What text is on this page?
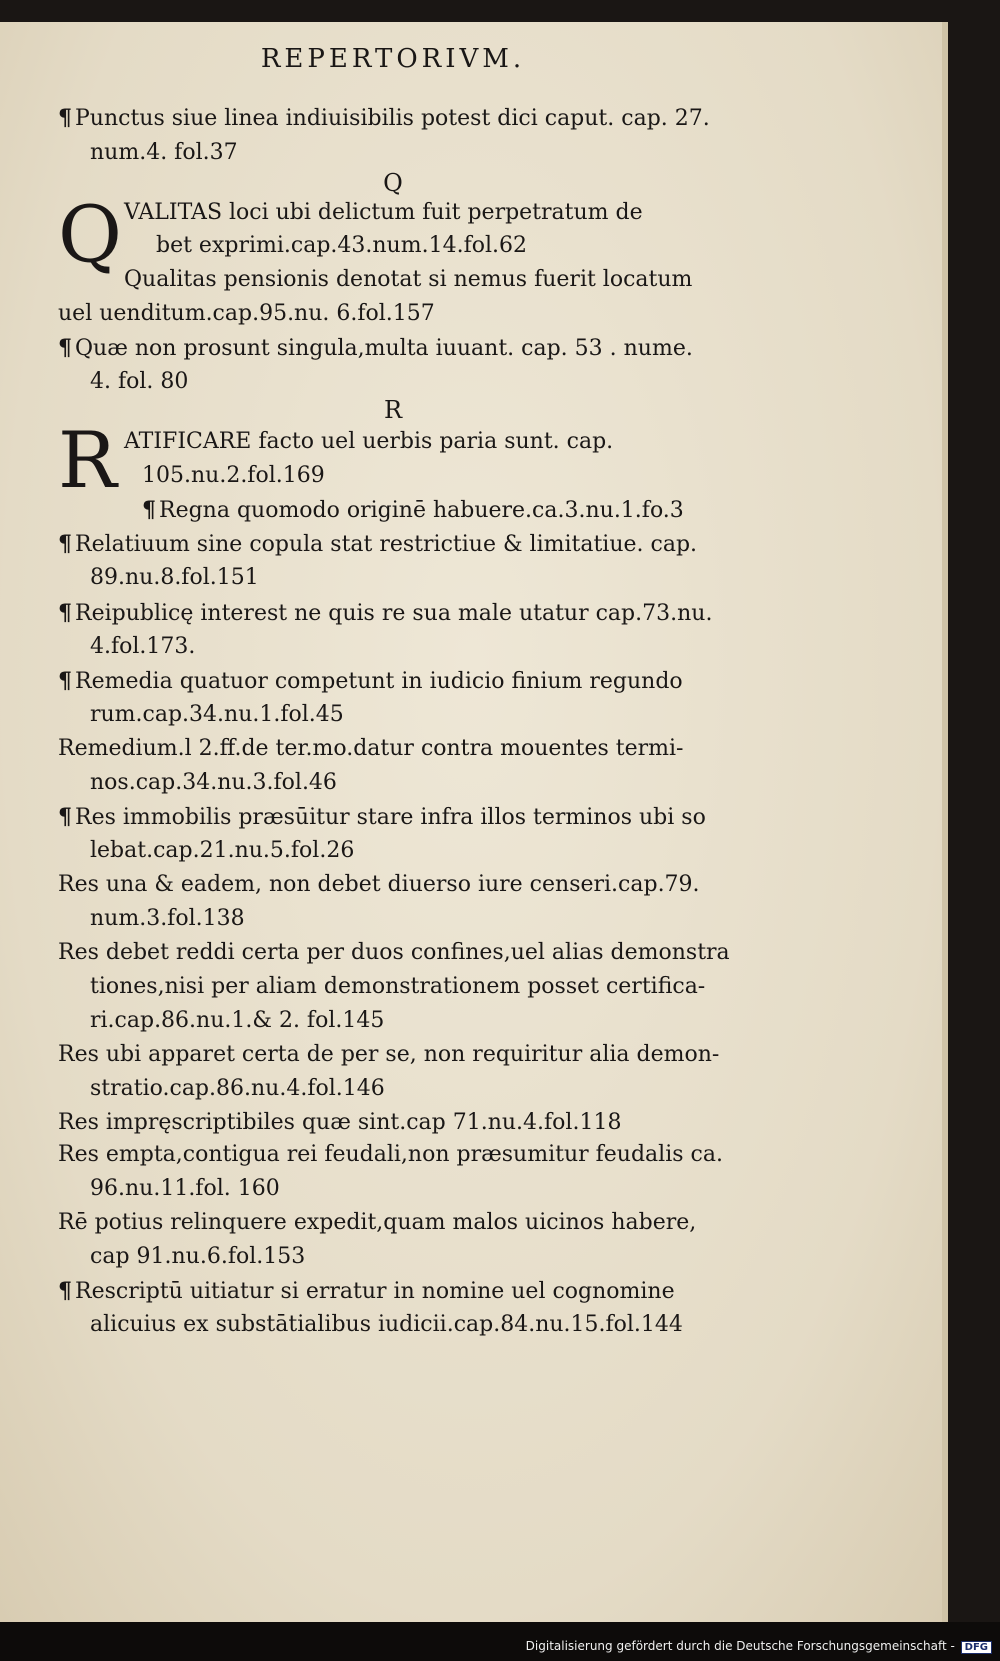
REPERTORIVM.
¶ Punctus siue linea indiuisibilis potest dici caput. cap. 27.
num.4. fol.37
Q
Q VALITAS loci ubi delictum fuit perpetratum de
bet exprimi.cap.43.num.14.fol.62
Qualitas pensionis denotat si nemus fuerit locatum
uel uenditum.cap.95.nu. 6.fol.157
¶ Quæ non prosunt singula,multa iuuant. cap. 53 . nume.
4. fol. 80
R
R ATIFICARE facto uel uerbis paria sunt. cap.
105.nu.2.fol.169
¶ Regna quomodo originē habuere.ca.3.nu.1.fo.3
¶ Relatiuum sine copula stat restrictiue & limitatiue. cap.
89.nu.8.fol.151
¶ Reipublicę interest ne quis re sua male utatur cap.73.nu.
4.fol.173.
¶ Remedia quatuor competunt in iudicio finium regundo
rum.cap.34.nu.1.fol.45
Remedium.l 2.ff.de ter.mo.datur contra mouentes termi-
nos.cap.34.nu.3.fol.46
¶ Res immobilis præsūitur stare infra illos terminos ubi so
lebat.cap.21.nu.5.fol.26
Res una & eadem, non debet diuerso iure censeri.cap.79.
num.3.fol.138
Res debet reddi certa per duos confines,uel alias demonstra
tiones,nisi per aliam demonstrationem posset certifica-
ri.cap.86.nu.1.& 2. fol.145
Res ubi apparet certa de per se, non requiritur alia demon-
stratio.cap.86.nu.4.fol.146
Res impręscriptibiles quæ sint.cap 71.nu.4.fol.118
Res empta,contigua rei feudali,non præsumitur feudalis ca.
96.nu.11.fol. 160
Rē potius relinquere expedit,quam malos uicinos habere,
cap 91.nu.6.fol.153
¶ Rescriptū uitiatur si erratur in nomine uel cognomine
alicuius ex substātialibus iudicii.cap.84.nu.15.fol.144
Digitalisierung gefördert durch die Deutsche Forschungsgemeinschaft - DFG
